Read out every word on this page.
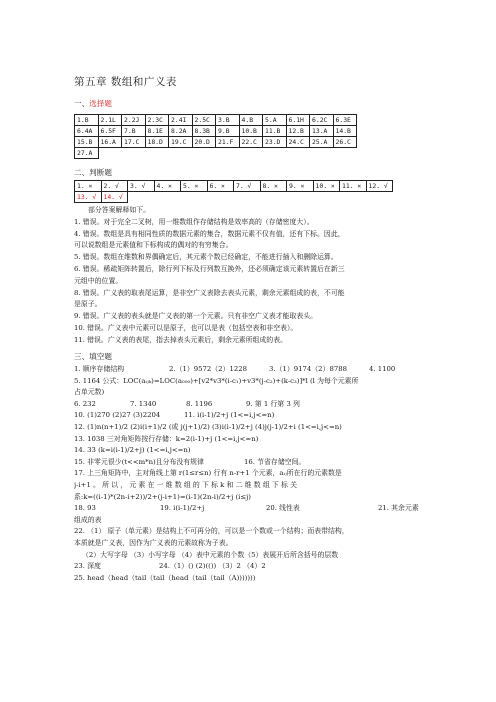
第五章 数组和广义表
一、选择题
1.B	2.1L	2.2J	2.3C	2.4I	2.5C	3.B	4.B	5.A	6.1H	6.2C	6.3E
6.4A	6.5F	7.B	8.1E	8.2A	8.3B	9.B	10.B	11.B	12.B	13.A	14.B
15.B	16.A	17.C	18.D	19.C	20.D	21.F	22.C	23.D	24.C	25.A	26.C
27.A											
二、判断题
1. ×	2. √	3. √	4. ×	5. ×	6. ×	7. √	8. ×	9. ×	10. ×	11. ×	12. √
13. √	14. √										
部分答案解释如下。
1. 错误。对于完全二叉树，用一维数组作存储结构是效率高的（存储密度大）。
4. 错误。数组是具有相同性质的数据元素的集合，数据元素不仅有值，还有下标。因此，
可以说数组是元素值和下标构成的偶对的有穷集合。
5. 错误。数组在维数和界偶确定后，其元素个数已经确定，不能进行插入和删除运算。
6. 错误。稀疏矩阵转置后，除行列下标及行列数互换外，还必须确定该元素转置后在新三
元组中的位置。
8. 错误。广义表的取表尾运算，是非空广义表除去表头元素，剩余元素组成的表，不可能
是原子。
9. 错误。广义表的表头就是广义表的第一个元素。只有非空广义表才能取表头。
10. 错误。广义表中元素可以是原子，也可以是表（包括空表和非空表）。
11. 错误。广义表的表尾，指去掉表头元素后，剩余元素所组成的表。
三、填空题
1. 顺序存储结构	2.（1）9572（2）1228	3.（1）9174（2）8788	4. 1100
5. 1164 公式：LOC(aᵢⱼₖ)=LOC(a₀₀₀)+[v2*v3*(i-c₁)+v3*(j-c₂)+(k-c₃)]*l (l 为每个元素所
占单元数)
6. 232	7. 1340	8. 1196	9. 第 1 行第 3 列
10. (1)270 (2)27 (3)2204	11. i(i-1)/2+j (1<=i,j<=n)
12. (1)n(n+1)/2 (2)i(i+1)/2 (或 j(j+1)/2) (3)i(i-1)/2+j (4)j(j-1)/2+i (1<=i,j<=n)
13. 1038 三对角矩阵按行存储：k=2(i-1)+j (1<=i,j<=n)
14. 33 (k=i(i-1)/2+j) (1<=i,j<=n)
15. 非零元很少(t<<m*n)且分布没有规律	16. 节省存储空间。
17. 上三角矩阵中，主对角线上第 r(1≤r≤n) 行有 n-r+1 个元素，aᵢⱼ所在行的元素数是
j-i+1 。 所 以 ， 元 素 在 一 维 数 组 的 下 标 k 和 二 维 数 组 下 标 关
系:k=((i-1)*(2n-i+2))/2+(j-i+1)=(i-1)(2n-i)/2+j (i≤j)
18. 93	19. i(i-1)/2+j	20. 线性表	21. 其余元素
组成的表
22. （1） 原子（单元素）是结构上不可再分的，可以是一个数或一个结构；而表带结构，
本质就是广义表，因作为广义表的元素故称为子表。
（2）大写字母 （3）小写字母 （4）表中元素的个数（5）表展开后所含括号的层数
23. 深度	24.（1）() (2)(()) （3）2 （4）2
25. head（head（tail（tail（head（tail（tail（A)))))))
